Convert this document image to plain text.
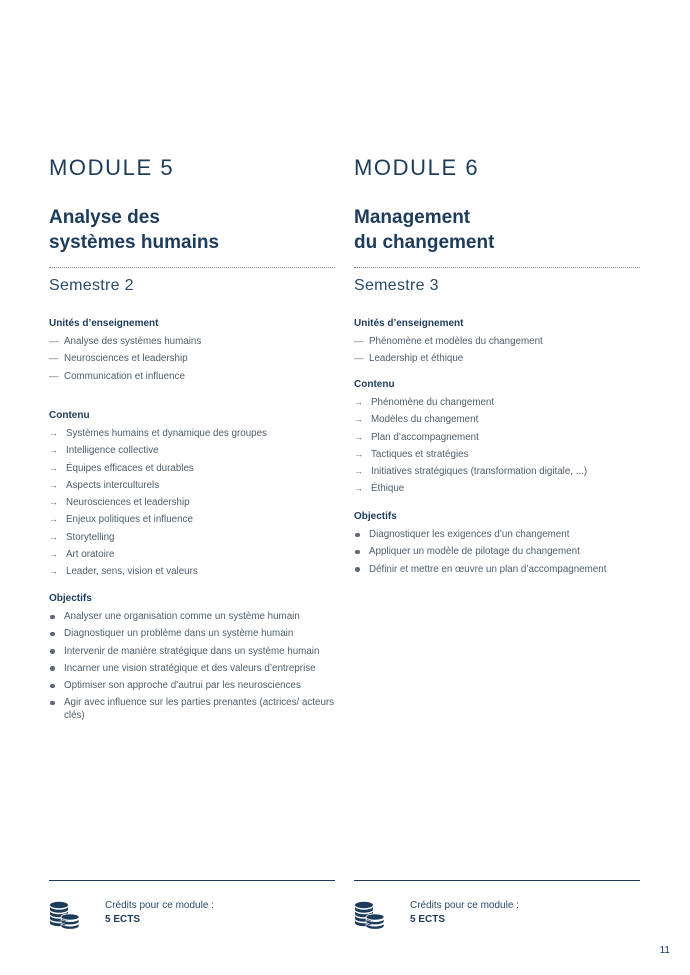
MODULE 5
Analyse des
systèmes humains

Semestre 2

Unités d’enseignement
— Analyse des systèmes humains
— Neurosciences et leadership
— Communication et influence
Contenu
→ Systèmes humains et dynamique des groupes
→ Intelligence collective
→ Équipes efficaces et durables
→ Aspects interculturels
→ Neurosciences et leadership
→ Enjeux politiques et influence
→ Storytelling
→ Art oratoire
→ Leader, sens, vision et valeurs
Objectifs
Analyser une organisation comme un système humain
Diagnostiquer un problème dans un système humain
Intervenir de manière stratégique dans un système humain
Incarner une vision stratégique et des valeurs d’entreprise
Optimiser son approche d’autrui par les neurosciences
Agir avec influence sur les parties prenantes (actrices/ acteurs clés)
Crédits pour ce module :
5 ECTS
MODULE 6
Management
du changement

Semestre 3

Unités d’enseignement
— Phénomène et modèles du changement
— Leadership et éthique
Contenu
→ Phénomène du changement
→ Modèles du changement
→ Plan d’accompagnement
→ Tactiques et stratégies
→ Initiatives stratégiques (transformation digitale, ...)
→ Éthique
Objectifs
Diagnostiquer les exigences d’un changement
Appliquer un modèle de pilotage du changement
Définir et mettre en œuvre un plan d’accompagnement
Crédits pour ce module :
5 ECTS
11
